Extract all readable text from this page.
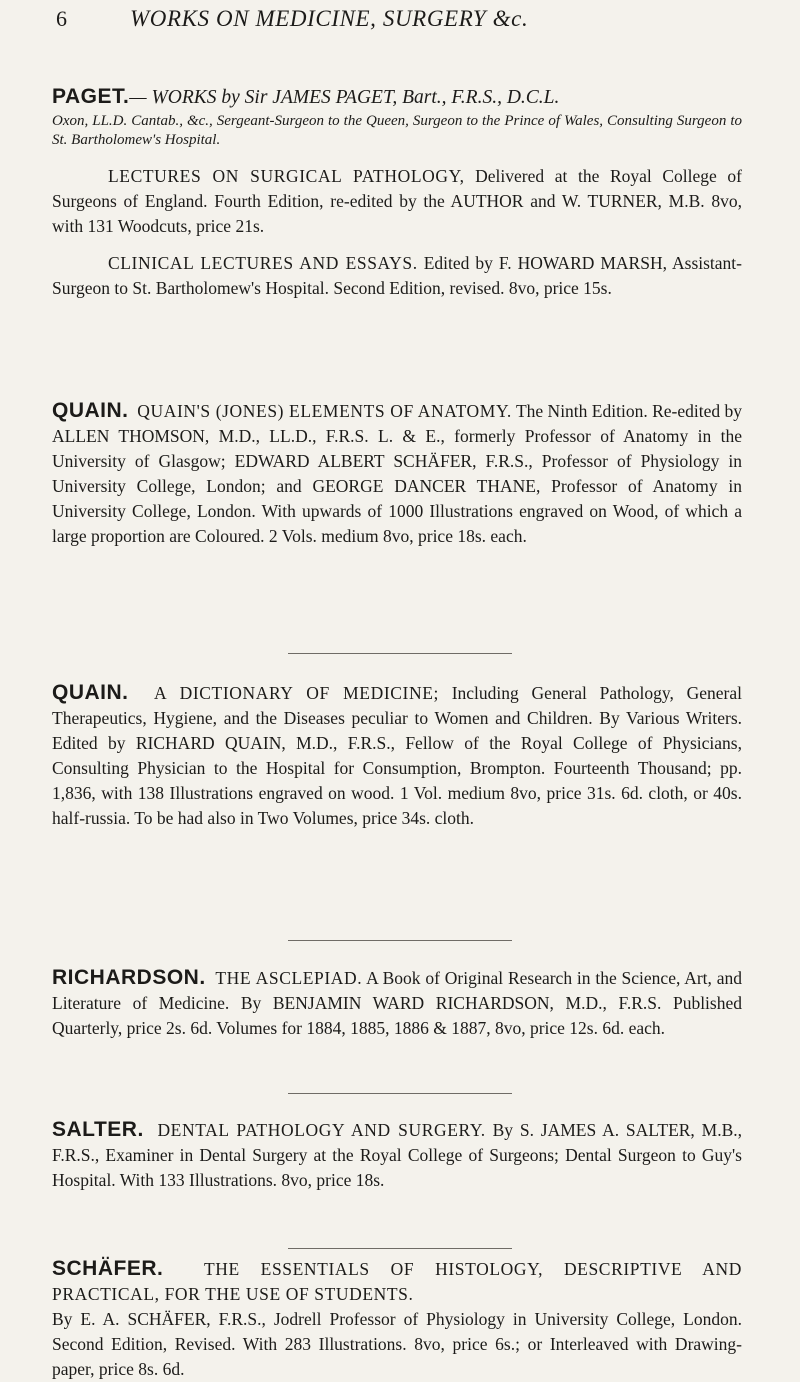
6	WORKS ON MEDICINE, SURGERY &c.

PAGET.— WORKS by Sir JAMES PAGET, Bart., F.R.S., D.C.L.

Oxon, LL.D. Cantab., &c., Sergeant-Surgeon to the Queen, Surgeon to the Prince of Wales, Consulting Surgeon to St. Bartholomew's Hospital.

LECTURES ON SURGICAL PATHOLOGY, Delivered at the Royal College of Surgeons of England. Fourth Edition, re-edited by the AUTHOR and W. TURNER, M.B. 8vo, with 131 Woodcuts, price 21s.

CLINICAL LECTURES AND ESSAYS. Edited by F. HOWARD MARSH, Assistant-Surgeon to St. Bartholomew's Hospital. Second Edition, revised. 8vo, price 15s.

QUAIN. QUAIN'S (JONES) ELEMENTS OF ANATOMY. The Ninth Edition. Re-edited by ALLEN THOMSON, M.D., LL.D., F.R.S. L. & E., formerly Professor of Anatomy in the University of Glasgow; EDWARD ALBERT SCHÄFER, F.R.S., Professor of Physiology in University College, London; and GEORGE DANCER THANE, Professor of Anatomy in University College, London. With upwards of 1000 Illustrations engraved on Wood, of which a large proportion are Coloured. 2 Vols. medium 8vo, price 18s. each.

QUAIN. A DICTIONARY OF MEDICINE; Including General Pathology, General Therapeutics, Hygiene, and the Diseases peculiar to Women and Children. By Various Writers. Edited by RICHARD QUAIN, M.D., F.R.S., Fellow of the Royal College of Physicians, Consulting Physician to the Hospital for Consumption, Brompton. Fourteenth Thousand; pp. 1,836, with 138 Illustrations engraved on wood. 1 Vol. medium 8vo, price 31s. 6d. cloth, or 40s. half-russia. To be had also in Two Volumes, price 34s. cloth.

RICHARDSON. THE ASCLEPIAD. A Book of Original Research in the Science, Art, and Literature of Medicine. By BENJAMIN WARD RICHARDSON, M.D., F.R.S. Published Quarterly, price 2s. 6d. Volumes for 1884, 1885, 1886 & 1887, 8vo, price 12s. 6d. each.

SALTER. DENTAL PATHOLOGY AND SURGERY. By S. JAMES A. SALTER, M.B., F.R.S., Examiner in Dental Surgery at the Royal College of Surgeons; Dental Surgeon to Guy's Hospital. With 133 Illustrations. 8vo, price 18s.

SCHÄFER. THE ESSENTIALS OF HISTOLOGY, DESCRIPTIVE AND PRACTICAL, FOR THE USE OF STUDENTS.

By E. A. SCHÄFER, F.R.S., Jodrell Professor of Physiology in University College, London. Second Edition, Revised. With 283 Illustrations. 8vo, price 6s.; or Interleaved with Drawing-paper, price 8s. 6d.
